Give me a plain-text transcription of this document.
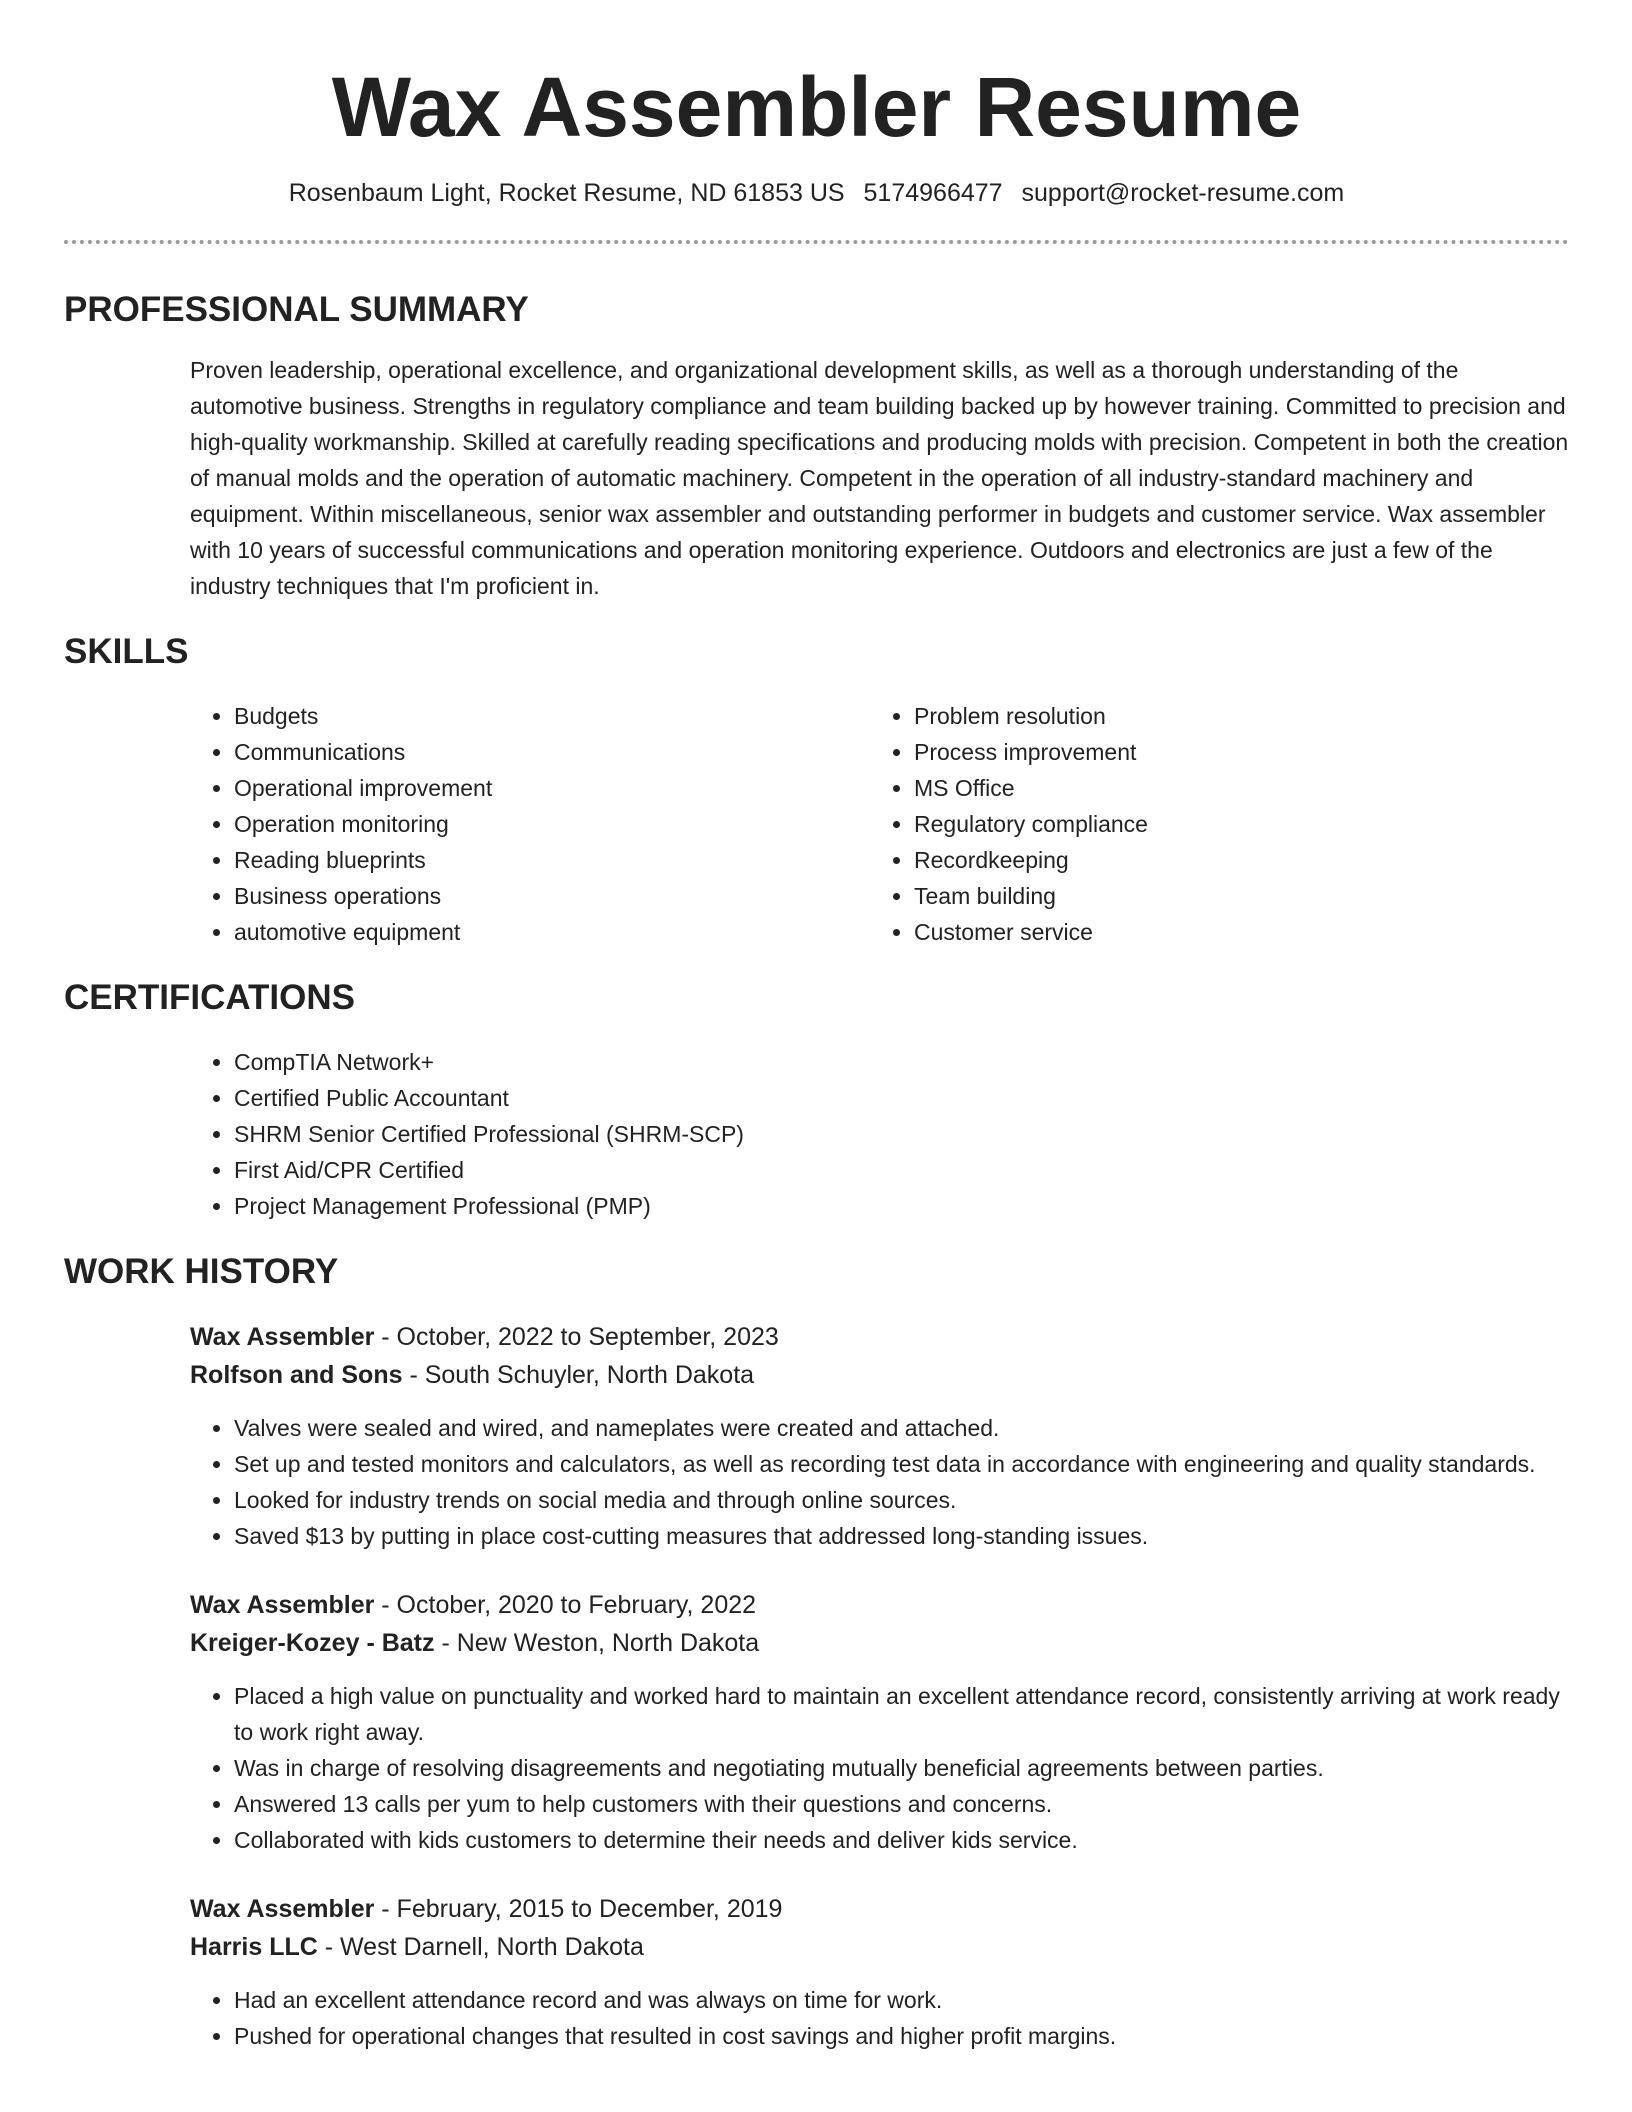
Wax Assembler Resume
Rosenbaum Light, Rocket Resume, ND 61853 US 5174966477 support@rocket-resume.com
PROFESSIONAL SUMMARY
Proven leadership, operational excellence, and organizational development skills, as well as a thorough understanding of the automotive business. Strengths in regulatory compliance and team building backed up by however training. Committed to precision and high-quality workmanship. Skilled at carefully reading specifications and producing molds with precision. Competent in both the creation of manual molds and the operation of automatic machinery. Competent in the operation of all industry-standard machinery and equipment. Within miscellaneous, senior wax assembler and outstanding performer in budgets and customer service. Wax assembler with 10 years of successful communications and operation monitoring experience. Outdoors and electronics are just a few of the industry techniques that I'm proficient in.
SKILLS
• Budgets
• Communications
• Operational improvement
• Operation monitoring
• Reading blueprints
• Business operations
• automotive equipment
• Problem resolution
• Process improvement
• MS Office
• Regulatory compliance
• Recordkeeping
• Team building
• Customer service
CERTIFICATIONS
• CompTIA Network+
• Certified Public Accountant
• SHRM Senior Certified Professional (SHRM-SCP)
• First Aid/CPR Certified
• Project Management Professional (PMP)
WORK HISTORY
Wax Assembler - October, 2022 to September, 2023
Rolfson and Sons - South Schuyler, North Dakota
• Valves were sealed and wired, and nameplates were created and attached.
• Set up and tested monitors and calculators, as well as recording test data in accordance with engineering and quality standards.
• Looked for industry trends on social media and through online sources.
• Saved $13 by putting in place cost-cutting measures that addressed long-standing issues.
Wax Assembler - October, 2020 to February, 2022
Kreiger-Kozey - Batz - New Weston, North Dakota
• Placed a high value on punctuality and worked hard to maintain an excellent attendance record, consistently arriving at work ready to work right away.
• Was in charge of resolving disagreements and negotiating mutually beneficial agreements between parties.
• Answered 13 calls per yum to help customers with their questions and concerns.
• Collaborated with kids customers to determine their needs and deliver kids service.
Wax Assembler - February, 2015 to December, 2019
Harris LLC - West Darnell, North Dakota
• Had an excellent attendance record and was always on time for work.
• Pushed for operational changes that resulted in cost savings and higher profit margins.
